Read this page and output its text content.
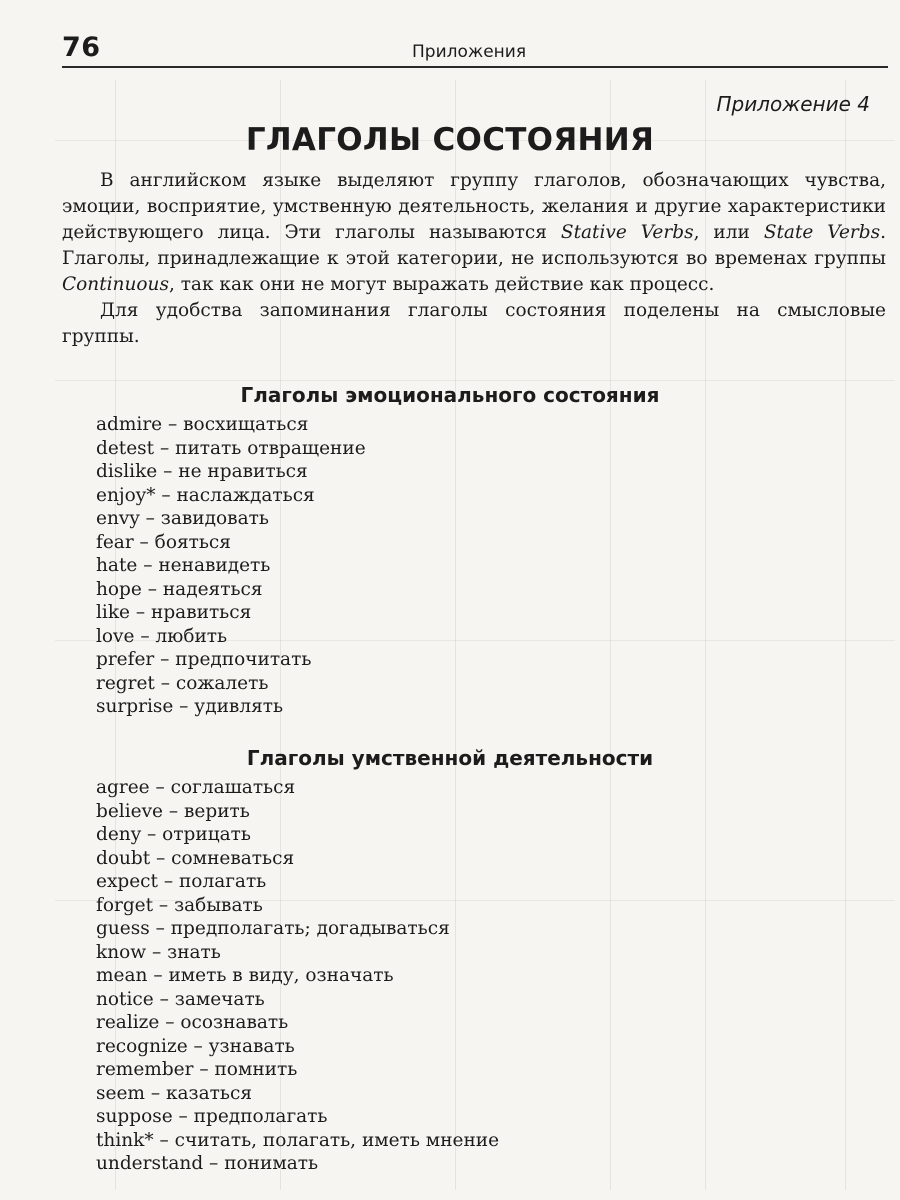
76	Приложения
Приложение 4
ГЛАГОЛЫ СОСТОЯНИЯ

В английском языке выделяют группу глаголов, обозначающих чувства, эмоции, восприятие, умственную деятельность, желания и другие характеристики действующего лица. Эти глаголы называются Stative Verbs, или State Verbs. Глаголы, принадлежащие к этой категории, не используются во временах группы Continuous, так как они не могут выражать действие как процесс.

Для удобства запоминания глаголы состояния поделены на смысловые группы.

Глаголы эмоционального состояния
admire – восхищаться
detest – питать отвращение
dislike – не нравиться
enjoy* – наслаждаться
envy – завидовать
fear – бояться
hate – ненавидеть
hope – надеяться
like – нравиться
love – любить
prefer – предпочитать
regret – сожалеть
surprise – удивлять
Глаголы умственной деятельности
agree – соглашаться
believe – верить
deny – отрицать
doubt – сомневаться
expect – полагать
forget – забывать
guess – предполагать; догадываться
know – знать
mean – иметь в виду, означать
notice – замечать
realize – осознавать
recognize – узнавать
remember – помнить
seem – казаться
suppose – предполагать
think* – считать, полагать, иметь мнение
understand – понимать
